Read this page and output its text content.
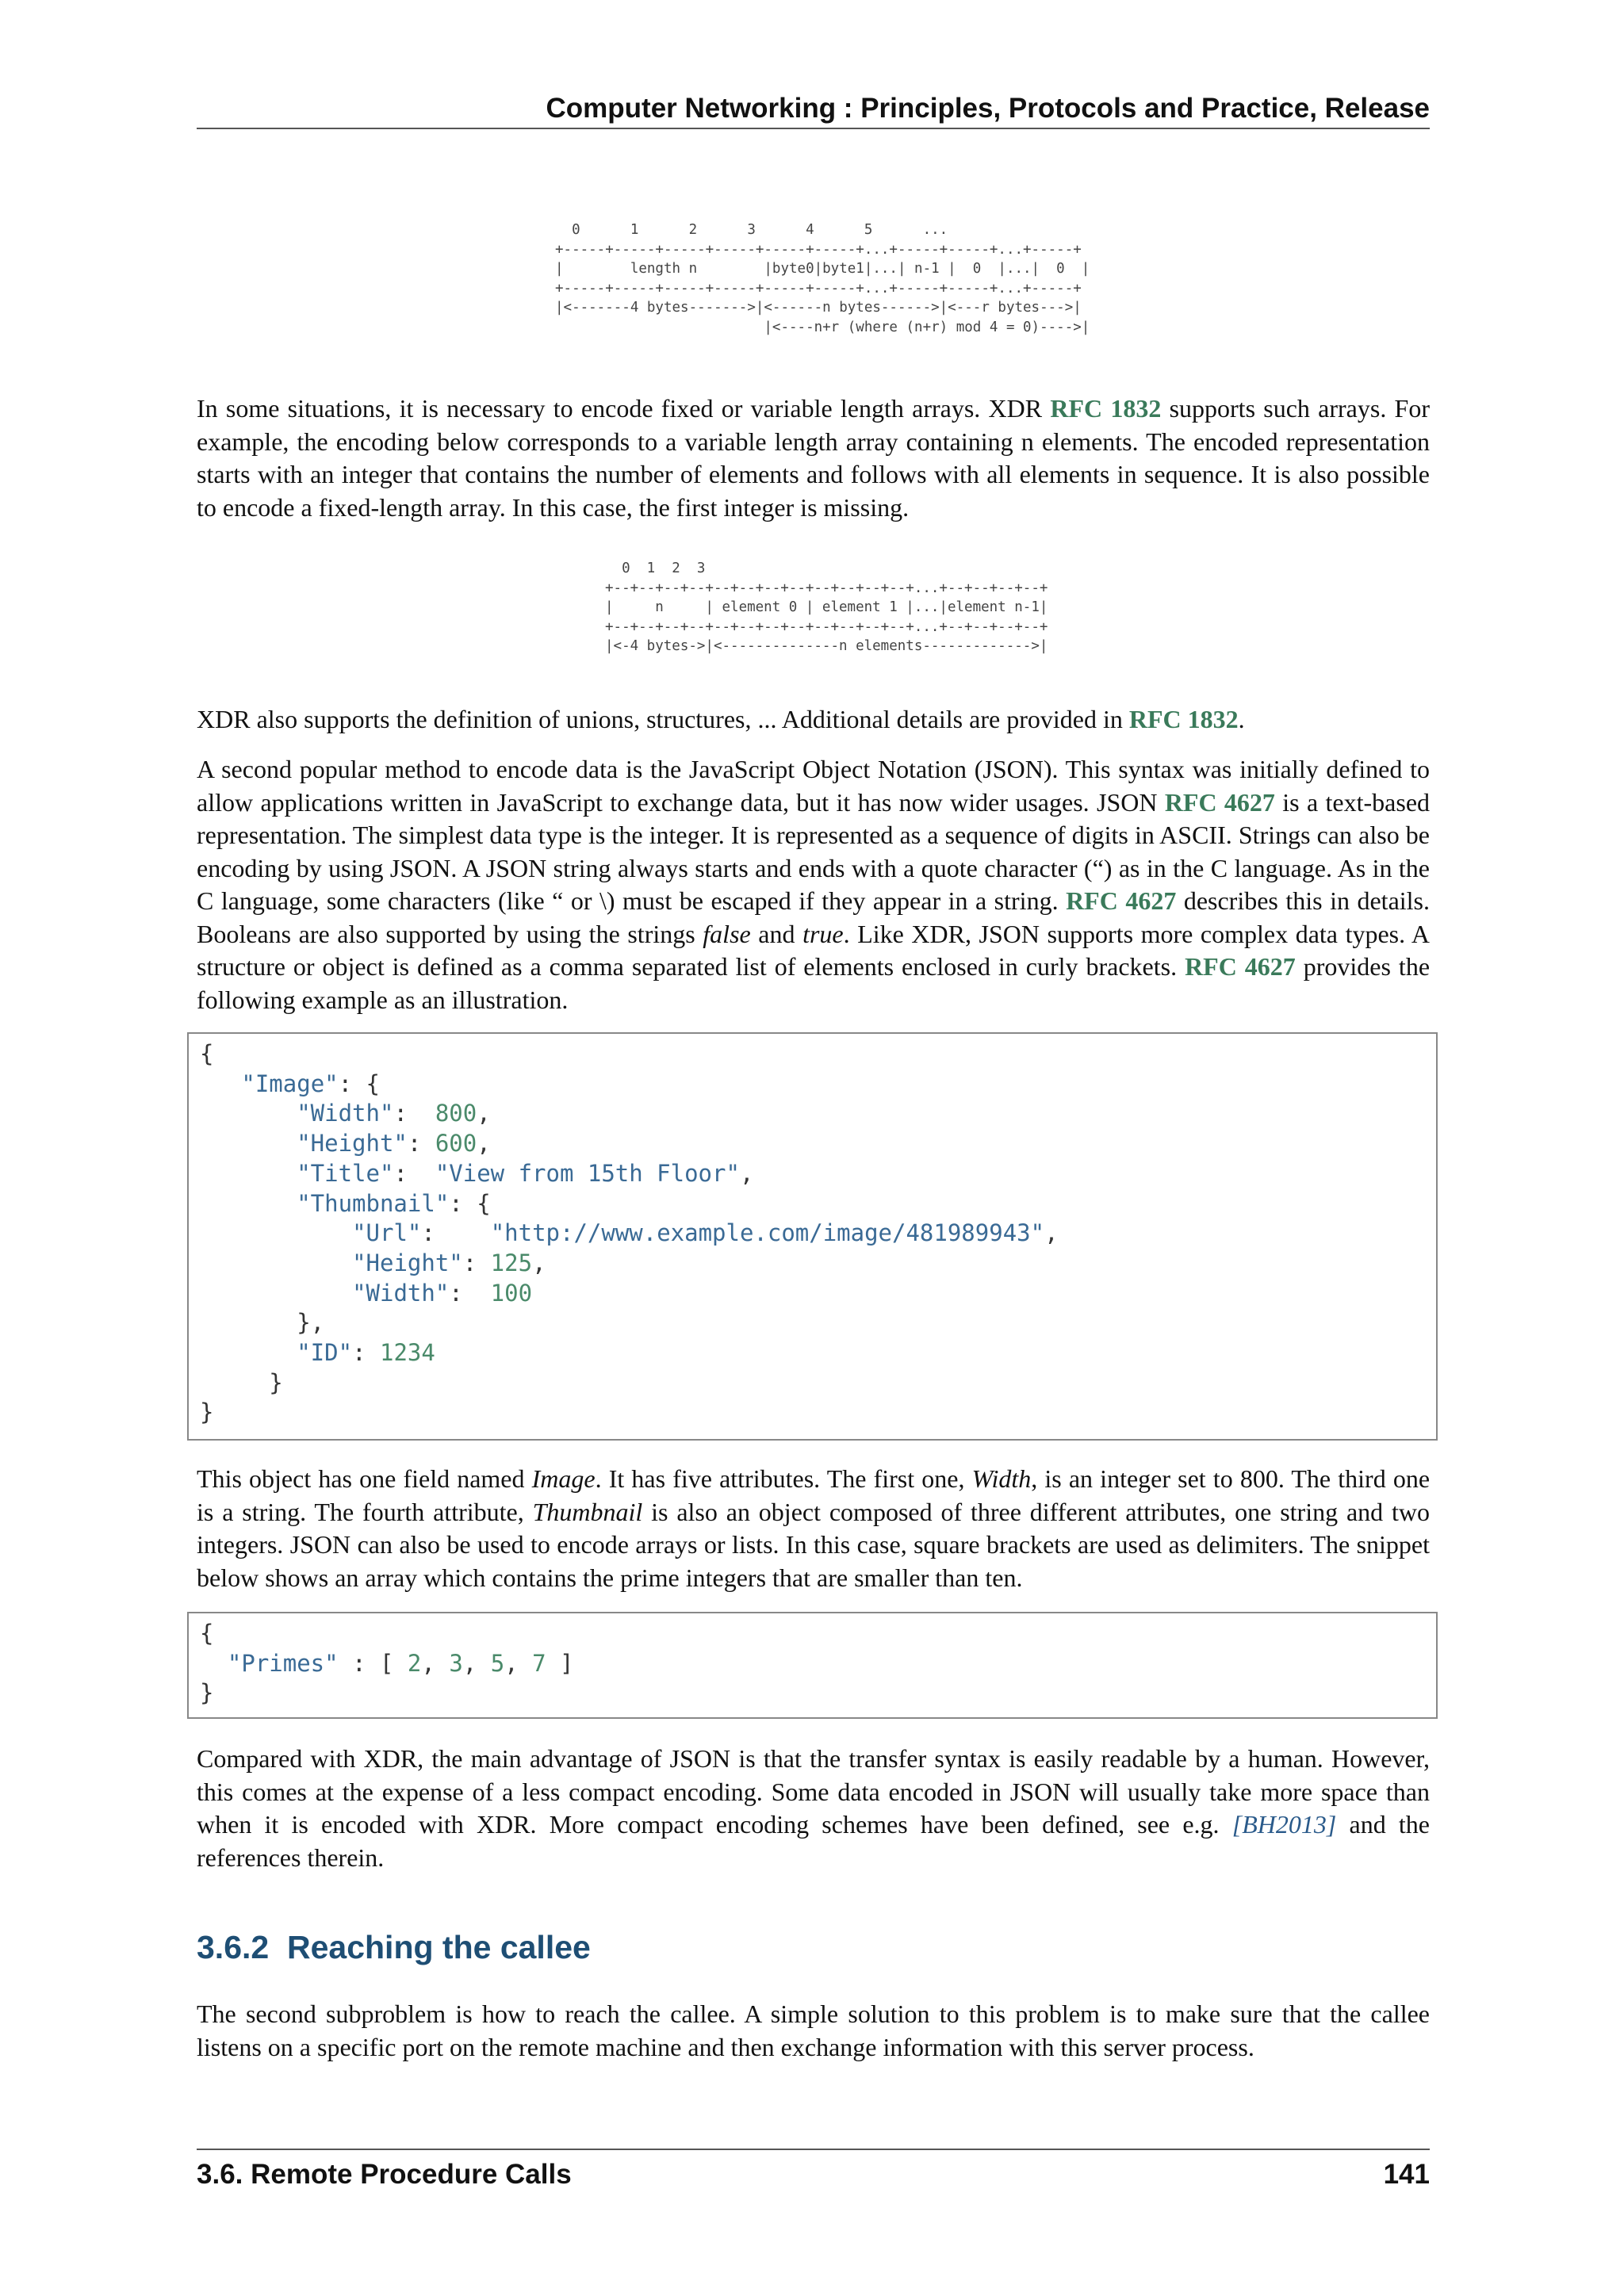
Computer Networking : Principles, Protocols and Practice, Release
0      1      2      3      4      5      ...
+-----+-----+-----+-----+-----+-----+...+-----+-----+...+-----+
|        length n        |byte0|byte1|...| n-1 |  0  |...|  0  |
+-----+-----+-----+-----+-----+-----+...+-----+-----+...+-----+
|<-------4 bytes------->|<------n bytes------>|<---r bytes--->|
|<----n+r (where (n+r) mod 4 = 0)---->|

In some situations, it is necessary to encode fixed or variable length arrays. XDR RFC 1832 supports such arrays. For example, the encoding below corresponds to a variable length array containing n elements. The encoded representation starts with an integer that contains the number of elements and follows with all elements in sequence. It is also possible to encode a fixed-length array. In this case, the first integer is missing.

0  1  2  3
+--+--+--+--+--+--+--+--+--+--+--+--+...+--+--+--+--+
|     n     | element 0 | element 1 |...|element n-1|
+--+--+--+--+--+--+--+--+--+--+--+--+...+--+--+--+--+
|<-4 bytes->|<--------------n elements------------->|

XDR also supports the definition of unions, structures, ... Additional details are provided in RFC 1832.

A second popular method to encode data is the JavaScript Object Notation (JSON). This syntax was initially defined to allow applications written in JavaScript to exchange data, but it has now wider usages. JSON RFC 4627 is a text-based representation. The simplest data type is the integer. It is represented as a sequence of digits in ASCII. Strings can also be encoding by using JSON. A JSON string always starts and ends with a quote character (“) as in the C language. As in the C language, some characters (like “ or \) must be escaped if they appear in a string. RFC 4627 describes this in details. Booleans are also supported by using the strings false and true. Like XDR, JSON supports more complex data types. A structure or object is defined as a comma separated list of elements enclosed in curly brackets. RFC 4627 provides the following example as an illustration.

{
"Image": {
"Width":  800,
"Height": 600,
"Title":  "View from 15th Floor",
"Thumbnail": {
"Url":    "http://www.example.com/image/481989943",
"Height": 125,
"Width":  100
},
"ID": 1234
}
}

This object has one field named Image. It has five attributes. The first one, Width, is an integer set to 800. The third one is a string. The fourth attribute, Thumbnail is also an object composed of three different attributes, one string and two integers. JSON can also be used to encode arrays or lists. In this case, square brackets are used as delimiters. The snippet below shows an array which contains the prime integers that are smaller than ten.

{
"Primes" : [ 2, 3, 5, 7 ]
}

Compared with XDR, the main advantage of JSON is that the transfer syntax is easily readable by a human. However, this comes at the expense of a less compact encoding. Some data encoded in JSON will usually take more space than when it is encoded with XDR. More compact encoding schemes have been defined, see e.g. [BH2013] and the references therein.

3.6.2 Reaching the callee

The second subproblem is how to reach the callee. A simple solution to this problem is to make sure that the callee listens on a specific port on the remote machine and then exchange information with this server process.

3.6. Remote Procedure Calls	141
